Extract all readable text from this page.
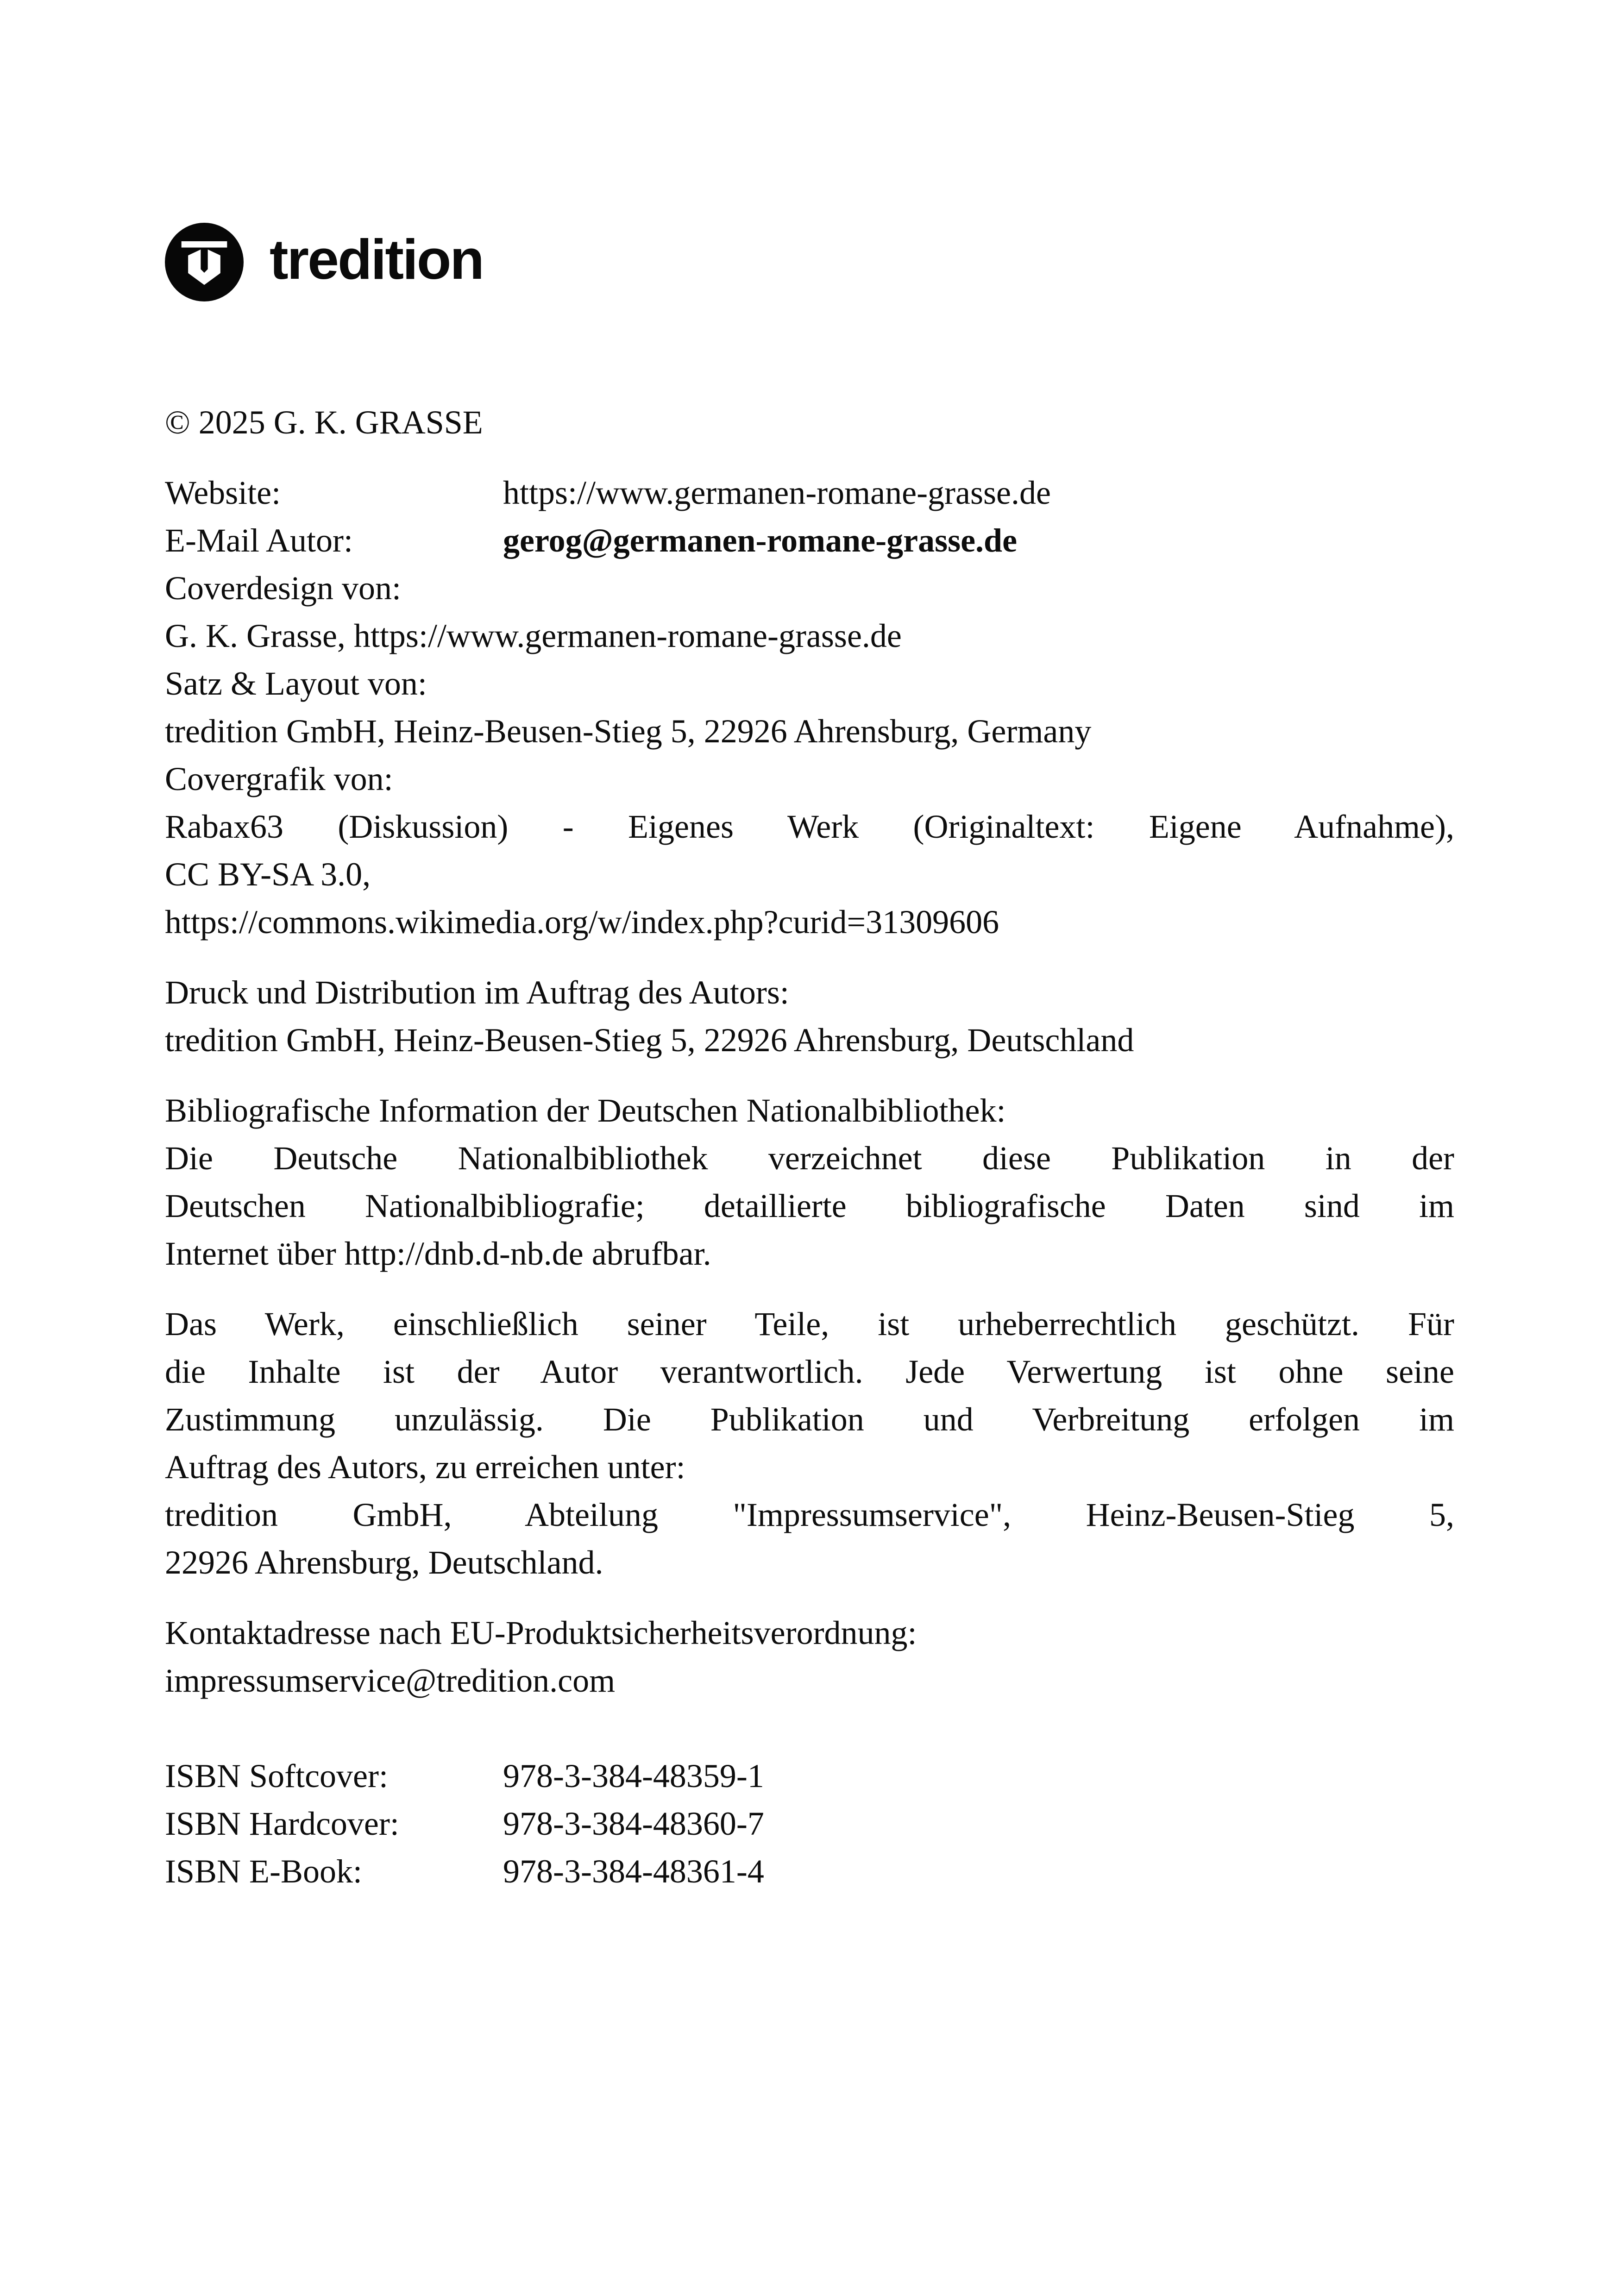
tredition
© 2025 G. K. GRASSE
Website:	https://www.germanen-romane-grasse.de
E-Mail Autor:	gerog@germanen-romane-grasse.de
Coverdesign von:
G. K. Grasse, https://www.germanen-romane-grasse.de
Satz & Layout von:
tredition GmbH, Heinz-Beusen-Stieg 5, 22926 Ahrensburg, Germany
Covergrafik von:
Rabax63 (Diskussion) - Eigenes Werk (Originaltext: Eigene Aufnahme),
CC BY-SA 3.0,
https://commons.wikimedia.org/w/index.php?curid=31309606
Druck und Distribution im Auftrag des Autors:
tredition GmbH, Heinz-Beusen-Stieg 5, 22926 Ahrensburg, Deutschland
Bibliografische Information der Deutschen Nationalbibliothek:
Die Deutsche Nationalbibliothek verzeichnet diese Publikation in der
Deutschen Nationalbibliografie; detaillierte bibliografische Daten sind im
Internet über http://dnb.d-nb.de abrufbar.
Das Werk, einschließlich seiner Teile, ist urheberrechtlich geschützt. Für
die Inhalte ist der Autor verantwortlich. Jede Verwertung ist ohne seine
Zustimmung unzulässig. Die Publikation und Verbreitung erfolgen im
Auftrag des Autors, zu erreichen unter:
tredition GmbH, Abteilung "Impressumservice", Heinz-Beusen-Stieg 5,
22926 Ahrensburg, Deutschland.
Kontaktadresse nach EU-Produktsicherheitsverordnung:
impressumservice@tredition.com
ISBN Softcover:	978-3-384-48359-1
ISBN Hardcover:	978-3-384-48360-7
ISBN E-Book:	978-3-384-48361-4
